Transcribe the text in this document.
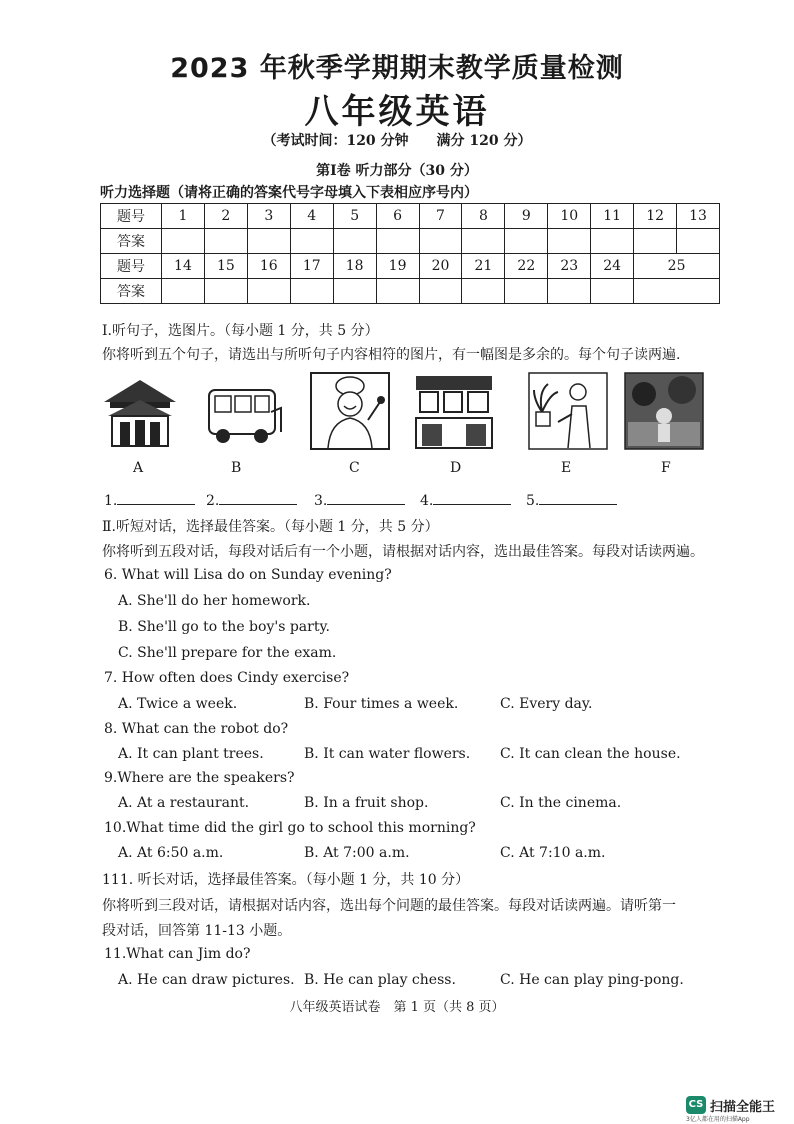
2023 年秋季学期期末教学质量检测
八年级英语
（考试时间：120 分钟　　满分 120 分）
第Ⅰ卷 听力部分（30 分）
听力选择题（请将正确的答案代号字母填入下表相应序号内）
题号	1	2	3	4	5	6	7	8	9	10	11	12	13
答案													
题号	14	15	16	17	18	19	20	21	22	23	24	25	
答案													
Ⅰ.听句子，选图片。（每小题 1 分，共 5 分）
你将听到五个句子，请选出与所听句子内容相符的图片，有一幅图是多余的。每个句子读两遍.
A	B	C	D	E	F
1.	2.	3.	4.	5.
Ⅱ.听短对话，选择最佳答案。（每小题 1 分，共 5 分）
你将听到五段对话，每段对话后有一个小题，请根据对话内容，选出最佳答案。每段对话读两遍。
6. What will Lisa do on Sunday evening?
A. She'll do her homework.
B. She'll go to the boy's party.
C. She'll prepare for the exam.
7. How often does Cindy exercise?
A. Twice a week.	B. Four times a week.	C. Every day.
8. What can the robot do?
A. It can plant trees.	B. It can water flowers. C. It can clean the house.
9.Where are the speakers?
A. At a restaurant.	B. In a fruit shop.	C. In the cinema.
10.What time did the girl go to school this morning?
A. At 6:50 a.m.	B. At 7:00 a.m.	C. At 7:10 a.m.
111. 听长对话，选择最佳答案。（每小题 1 分，共 10 分）
你将听到三段对话，请根据对话内容，选出每个问题的最佳答案。每段对话读两遍。请听第一
段对话，回答第 11-13 小题。
11.What can Jim do?
A. He can draw pictures. B. He can play chess.	C. He can play ping-pong.
八年级英语试卷　第 1 页（共 8 页）
CS 扫描全能王
3亿人都在用的扫描App
